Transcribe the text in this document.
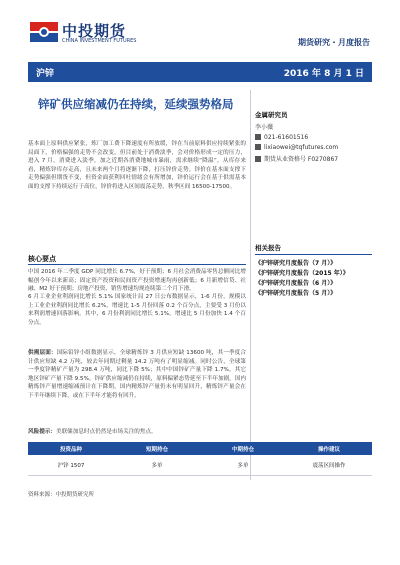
中投期货
CHINA INVESTMENT FUTURES	期货研究・月度报告
沪锌	2016 年 8 月 1 日
锌矿供应缩减仍在持续，延续强势格局
基本面上原料供应紧张，炼厂加工费下降速度有所放缓，锌在当前原料供应持续紧张的局面下，价格偏强的走势不会改变，但目前处于消费淡季，会对价格形成一定的压力，进入 7 月，消费进入淡季，加之近期各消费地城市暴雨，需求继续“降温”，从库存来看，精炼锌库存走高，且未来两个月将逐渐下降，打压锌价走势。锌价在基本面支撑下走势偏强但期货不变，但资金面获利回吐情绪会有所增加，锌价运行会在基于供需基本面的支撑下持续运行于高位，锌价将进入区间震荡走势，秋季区间 16500-17500。
核心要点
中国 2016 年二季度 GDP 同比增长 6.7%，好于预期；6 月社会消费品零售总额同比增幅创今年以来新高；固定资产投资和民间资产投资增速均再创新低；6 月新增信贷、社融、M2 好于预期；房地产投资、销售增速均现连续第二个月下滑。
6 月工业企业利润同比增长 5.1% 国家统计局 27 日公布数据显示，1-6 月份，规模以上工业企业利润同比增长 6.2%，增速比 1-5 月份回落 0.2 个百分点，主要受 3 月份以来利润增速回落影响。其中，6 月份利润同比增长 5.1%，增速比 5 月份加快 1.4 个百分点。
供需层面：国际铅锌小组数据显示，全球精炼锌 3 月供应短缺 13600 吨，其一季度合计供应短缺 4.2 万吨，较去年同期过剩量 14.2 万吨有了明显缩减。同时公告，全球第一季度锌精矿产量为 298.4 万吨，同比下降 5%；其中中国锌矿产量下降 1.7%，其它地区锌矿产量下降 9.5%。锌矿供应缩减仍在持续，原料偏紧态势延至下半年加剧，国内精炼锌产量增速缩减预计在下降期，国内精炼锌产量仍未有明显回升，精炼锌产量会在下半年继续下降，或在下半年才能将有回升。
风险提示：美联储加息时点仍然是市场关注的焦点。
金属研究员
李小薇
021-61601516
lixiaowei@tqfutures.com
期货从业资格号 F0270867
相关报告
《沪锌研究月度报告（7 月）》
《沪锌研究月度报告（2015 年）》
《沪锌研究月度报告（6 月）》
《沪锌研究月度报告（5 月）》
投资品种	短期持仓	中期持仓	操作建议
沪锌 1507	多单	多单	震荡区间操作
资料来源：中投期货研究所
